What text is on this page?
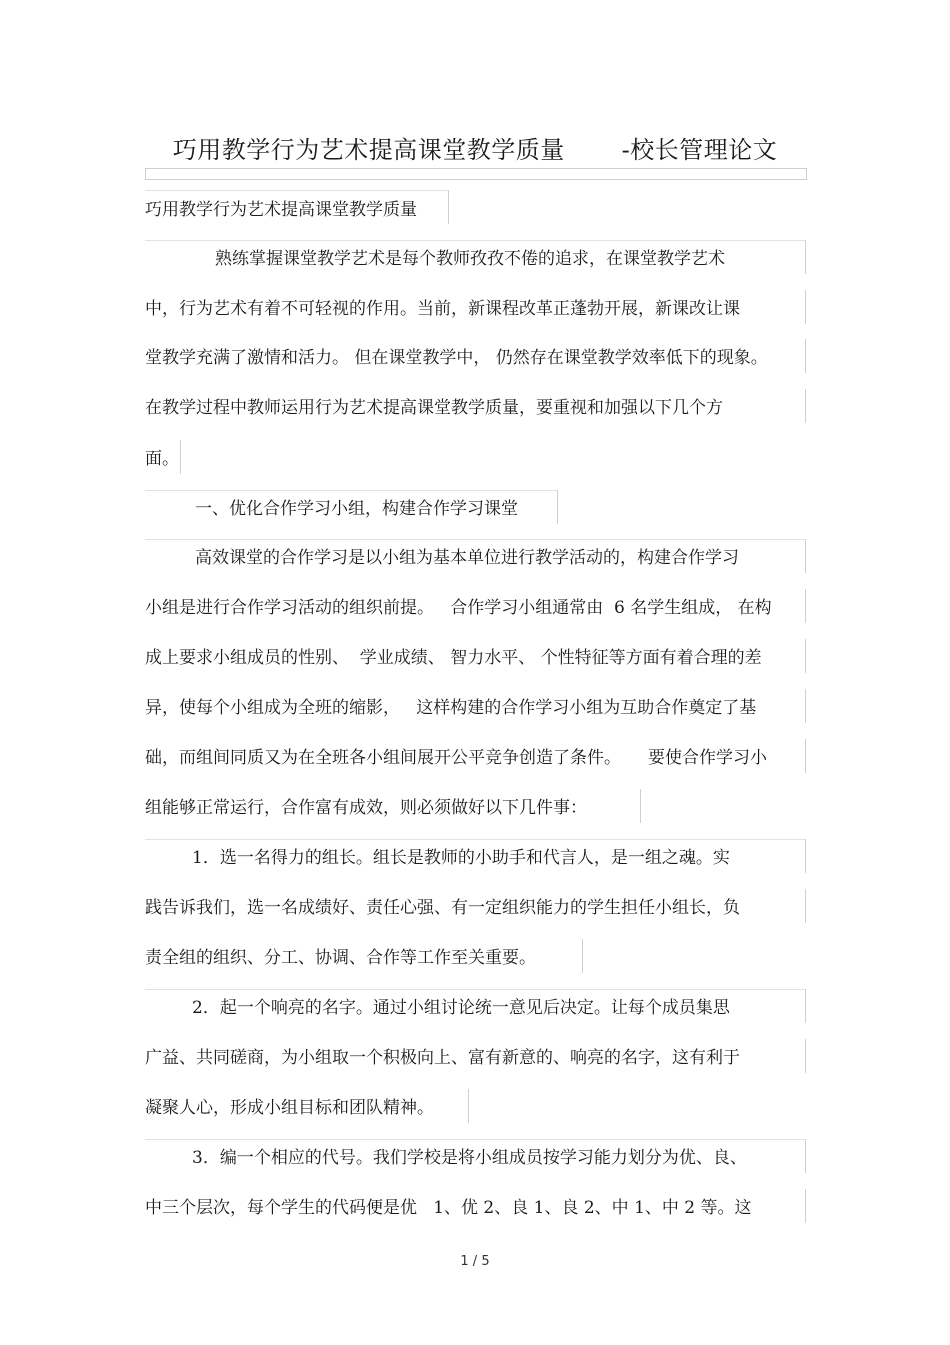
巧用教学行为艺术提高课堂教学质量       -校长管理论文
巧用教学行为艺术提高课堂教学质量
熟练掌握课堂教学艺术是每个教师孜孜不倦的追求，在课堂教学艺术
中，行为艺术有着不可轻视的作用。当前，新课程改革正蓬勃开展，新课改让课
堂教学充满了激情和活力。 但在课堂教学中， 仍然存在课堂教学效率低下的现象。
在教学过程中教师运用行为艺术提高课堂教学质量，要重视和加强以下几个方
面。
一、优化合作学习小组，构建合作学习课堂
高效课堂的合作学习是以小组为基本单位进行教学活动的，构建合作学习
小组是进行合作学习活动的组织前提。   合作学习小组通常由  6 名学生组成， 在构
成上要求小组成员的性别、  学业成绩、 智力水平、 个性特征等方面有着合理的差
异，使每个小组成为全班的缩影，   这样构建的合作学习小组为互助合作奠定了基
础，而组间同质又为在全班各小组间展开公平竞争创造了条件。     要使合作学习小
组能够正常运行，合作富有成效，则必须做好以下几件事：
1．选一名得力的组长。组长是教师的小助手和代言人，是一组之魂。实
践告诉我们，选一名成绩好、责任心强、有一定组织能力的学生担任小组长，负
责全组的组织、分工、协调、合作等工作至关重要。
2．起一个响亮的名字。通过小组讨论统一意见后决定。让每个成员集思
广益、共同磋商，为小组取一个积极向上、富有新意的、响亮的名字，这有利于
凝聚人心，形成小组目标和团队精神。
3．编一个相应的代号。我们学校是将小组成员按学习能力划分为优、良、
中三个层次，每个学生的代码便是优   1、优 2、良 1、良 2、中 1、中 2 等。这
1 / 5
